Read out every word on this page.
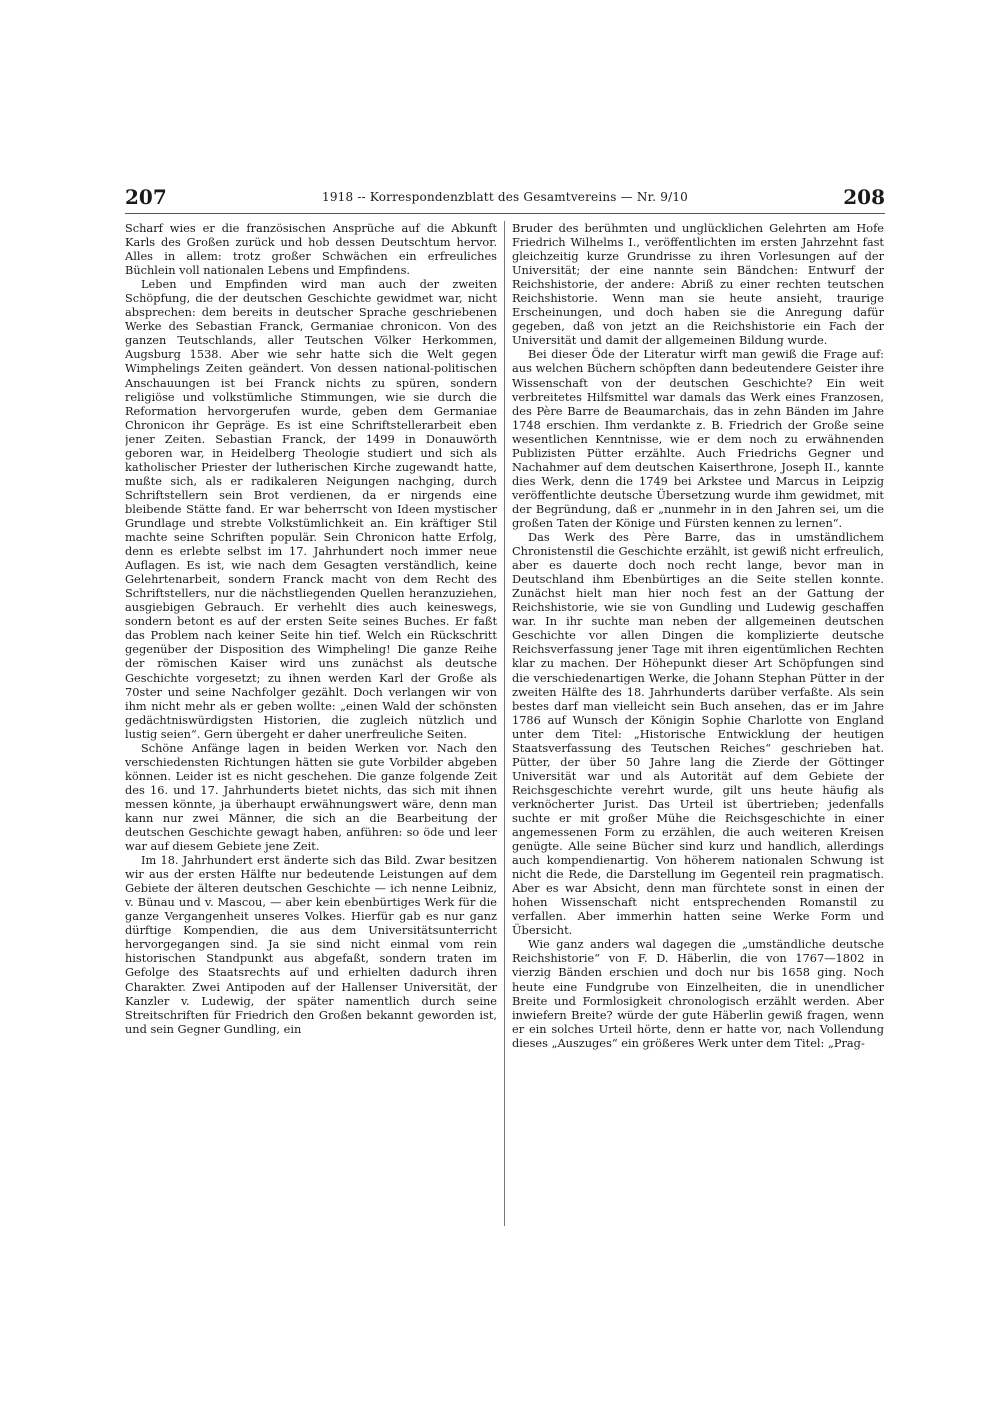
207	1918 -- Korrespondenzblatt des Gesamtvereins — Nr. 9/10	208

Scharf wies er die französischen Ansprüche auf die Abkunft Karls des Großen zurück und hob dessen Deutschtum hervor. Alles in allem: trotz großer Schwächen ein erfreuliches Büchlein voll nationalen Lebens und Empfindens.

Leben und Empfinden wird man auch der zweiten Schöpfung, die der deutschen Geschichte gewidmet war, nicht absprechen: dem bereits in deutscher Sprache geschriebenen Werke des Sebastian Franck, Germaniae chronicon. Von des ganzen Teutschlands, aller Teutschen Völker Herkommen, Augsburg 1538. Aber wie sehr hatte sich die Welt gegen Wimphelings Zeiten geändert. Von dessen national-politischen Anschauungen ist bei Franck nichts zu spüren, sondern religiöse und volkstümliche Stimmungen, wie sie durch die Reformation hervorgerufen wurde, geben dem Germaniae Chronicon ihr Gepräge. Es ist eine Schriftstellerarbeit eben jener Zeiten. Sebastian Franck, der 1499 in Donauwörth geboren war, in Heidelberg Theologie studiert und sich als katholischer Priester der lutherischen Kirche zugewandt hatte, mußte sich, als er radikaleren Neigungen nachging, durch Schriftstellern sein Brot verdienen, da er nirgends eine bleibende Stätte fand. Er war beherrscht von Ideen mystischer Grundlage und strebte Volkstümlichkeit an. Ein kräftiger Stil machte seine Schriften populär. Sein Chronicon hatte Erfolg, denn es erlebte selbst im 17. Jahrhundert noch immer neue Auflagen. Es ist, wie nach dem Gesagten verständlich, keine Gelehrtenarbeit, sondern Franck macht von dem Recht des Schriftstellers, nur die nächstliegenden Quellen heranzuziehen, ausgiebigen Gebrauch. Er verhehlt dies auch keineswegs, sondern betont es auf der ersten Seite seines Buches. Er faßt das Problem nach keiner Seite hin tief. Welch ein Rückschritt gegenüber der Disposition des Wimpheling! Die ganze Reihe der römischen Kaiser wird uns zunächst als deutsche Geschichte vorgesetzt; zu ihnen werden Karl der Große als 70ster und seine Nachfolger gezählt. Doch verlangen wir von ihm nicht mehr als er geben wollte: „einen Wald der schönsten gedächtniswürdigsten Historien, die zugleich nützlich und lustig seien“. Gern übergeht er daher unerfreuliche Seiten.

Schöne Anfänge lagen in beiden Werken vor. Nach den verschiedensten Richtungen hätten sie gute Vorbilder abgeben können. Leider ist es nicht geschehen. Die ganze folgende Zeit des 16. und 17. Jahrhunderts bietet nichts, das sich mit ihnen messen könnte, ja überhaupt erwähnungswert wäre, denn man kann nur zwei Männer, die sich an die Bearbeitung der deutschen Geschichte gewagt haben, anführen: so öde und leer war auf diesem Gebiete jene Zeit.

Im 18. Jahrhundert erst änderte sich das Bild. Zwar besitzen wir aus der ersten Hälfte nur bedeutende Leistungen auf dem Gebiete der älteren deutschen Geschichte — ich nenne Leibniz, v. Bünau und v. Mascou, — aber kein ebenbürtiges Werk für die ganze Vergangenheit unseres Volkes. Hierfür gab es nur ganz dürftige Kompendien, die aus dem Universitätsunterricht hervorgegangen sind. Ja sie sind nicht einmal vom rein historischen Standpunkt aus abgefaßt, sondern traten im Gefolge des Staatsrechts auf und erhielten dadurch ihren Charakter. Zwei Antipoden auf der Hallenser Universität, der Kanzler v. Ludewig, der später namentlich durch seine Streitschriften für Friedrich den Großen bekannt geworden ist, und sein Gegner Gundling, ein

Bruder des berühmten und unglücklichen Gelehrten am Hofe Friedrich Wilhelms I., veröffentlichten im ersten Jahrzehnt fast gleichzeitig kurze Grundrisse zu ihren Vorlesungen auf der Universität; der eine nannte sein Bändchen: Entwurf der Reichshistorie, der andere: Abriß zu einer rechten teutschen Reichshistorie. Wenn man sie heute ansieht, traurige Erscheinungen, und doch haben sie die Anregung dafür gegeben, daß von jetzt an die Reichshistorie ein Fach der Universität und damit der allgemeinen Bildung wurde.

Bei dieser Öde der Literatur wirft man gewiß die Frage auf: aus welchen Büchern schöpften dann bedeutendere Geister ihre Wissenschaft von der deutschen Geschichte? Ein weit verbreitetes Hilfsmittel war damals das Werk eines Franzosen, des Père Barre de Beaumarchais, das in zehn Bänden im Jahre 1748 erschien. Ihm verdankte z. B. Friedrich der Große seine wesentlichen Kenntnisse, wie er dem noch zu erwähnenden Publizisten Pütter erzählte. Auch Friedrichs Gegner und Nachahmer auf dem deutschen Kaiserthrone, Joseph II., kannte dies Werk, denn die 1749 bei Arkstee und Marcus in Leipzig veröffentlichte deutsche Übersetzung wurde ihm gewidmet, mit der Begründung, daß er „nunmehr in in den Jahren sei, um die großen Taten der Könige und Fürsten kennen zu lernen“.

Das Werk des Père Barre, das in umständlichem Chronistenstil die Geschichte erzählt, ist gewiß nicht erfreulich, aber es dauerte doch noch recht lange, bevor man in Deutschland ihm Ebenbürtiges an die Seite stellen konnte. Zunächst hielt man hier noch fest an der Gattung der Reichshistorie, wie sie von Gundling und Ludewig geschaffen war. In ihr suchte man neben der allgemeinen deutschen Geschichte vor allen Dingen die komplizierte deutsche Reichsverfassung jener Tage mit ihren eigentümlichen Rechten klar zu machen. Der Höhepunkt dieser Art Schöpfungen sind die verschiedenartigen Werke, die Johann Stephan Pütter in der zweiten Hälfte des 18. Jahrhunderts darüber verfaßte. Als sein bestes darf man vielleicht sein Buch ansehen, das er im Jahre 1786 auf Wunsch der Königin Sophie Charlotte von England unter dem Titel: „Historische Entwicklung der heutigen Staatsverfassung des Teutschen Reiches“ geschrieben hat. Pütter, der über 50 Jahre lang die Zierde der Göttinger Universität war und als Autorität auf dem Gebiete der Reichsgeschichte verehrt wurde, gilt uns heute häufig als verknöcherter Jurist. Das Urteil ist übertrieben; jedenfalls suchte er mit großer Mühe die Reichsgeschichte in einer angemessenen Form zu erzählen, die auch weiteren Kreisen genügte. Alle seine Bücher sind kurz und handlich, allerdings auch kompendienartig. Von höherem nationalen Schwung ist nicht die Rede, die Darstellung im Gegenteil rein pragmatisch. Aber es war Absicht, denn man fürchtete sonst in einen der hohen Wissenschaft nicht entsprechenden Romanstil zu verfallen. Aber immerhin hatten seine Werke Form und Übersicht.

Wie ganz anders wal dagegen die „umständliche deutsche Reichshistorie“ von F. D. Häberlin, die von 1767—1802 in vierzig Bänden erschien und doch nur bis 1658 ging. Noch heute eine Fundgrube von Einzelheiten, die in unendlicher Breite und Formlosigkeit chronologisch erzählt werden. Aber inwiefern Breite? würde der gute Häberlin gewiß fragen, wenn er ein solches Urteil hörte, denn er hatte vor, nach Vollendung dieses „Auszuges“ ein größeres Werk unter dem Titel: „Prag-
